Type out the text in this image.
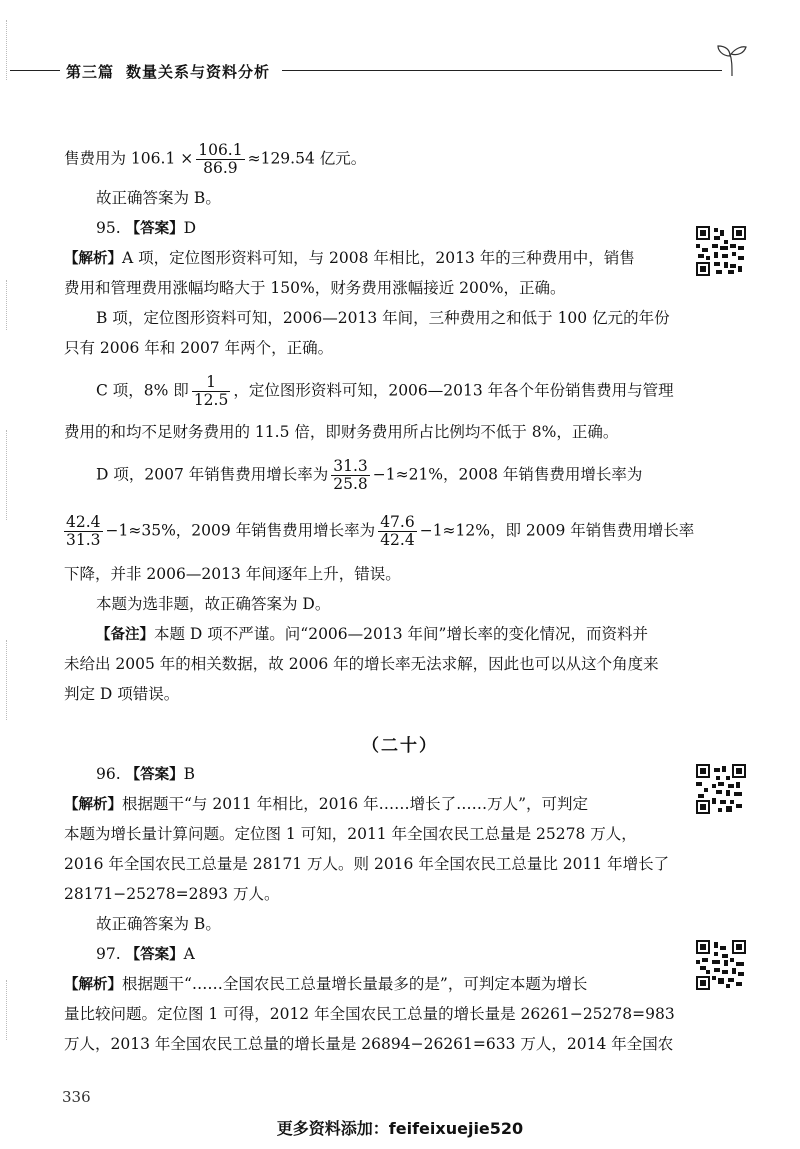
第三篇 数量关系与资料分析
售费用为 $106.1 \times \frac{106.1}{86.9} \approx 129.54$ 亿元。
故正确答案为 B。
95. 【答案】D
【解析】A 项，定位图形资料可知，与 2008 年相比，2013 年的三种费用中，销售
费用和管理费用涨幅均略大于 150%，财务费用涨幅接近 200%，正确。
B 项，定位图形资料可知，2006—2013 年间，三种费用之和低于 100 亿元的年份
只有 2006 年和 2007 年两个，正确。
C 项，8% 即 $\frac{1}{12.5}$ ，定位图形资料可知，2006—2013 年各个年份销售费用与管理
费用的和均不足财务费用的 11.5 倍，即财务费用所占比例均不低于 8%，正确。
D 项，2007 年销售费用增长率为 $\frac{31.3}{25.8} -1\approx 21\%$，2008 年销售费用增长率为
$\frac{42.4}{31.3} -1\approx 35\%$，2009 年销售费用增长率为 $\frac{47.6}{42.4} -1\approx 12\%$，即 2009 年销售费用增长率
下降，并非 2006—2013 年间逐年上升，错误。
本题为选非题，故正确答案为 D。
【备注】本题 D 项不严谨。问“2006—2013 年间”增长率的变化情况，而资料并
未给出 2005 年的相关数据，故 2006 年的增长率无法求解，因此也可以从这个角度来
判定 D 项错误。
（二十）
96. 【答案】B
【解析】根据题干“与 2011 年相比，2016 年……增长了……万人”，可判定
本题为增长量计算问题。定位图 1 可知，2011 年全国农民工总量是 25278 万人，
2016 年全国农民工总量是 28171 万人。则 2016 年全国农民工总量比 2011 年增长了
28171−25278=2893 万人。
故正确答案为 B。
97. 【答案】A
【解析】根据题干“……全国农民工总量增长量最多的是”，可判定本题为增长
量比较问题。定位图 1 可得，2012 年全国农民工总量的增长量是 26261−25278=983
万人，2013 年全国农民工总量的增长量是 26894−26261=633 万人，2014 年全国农
336
更多资料添加：feifeixuejie520
